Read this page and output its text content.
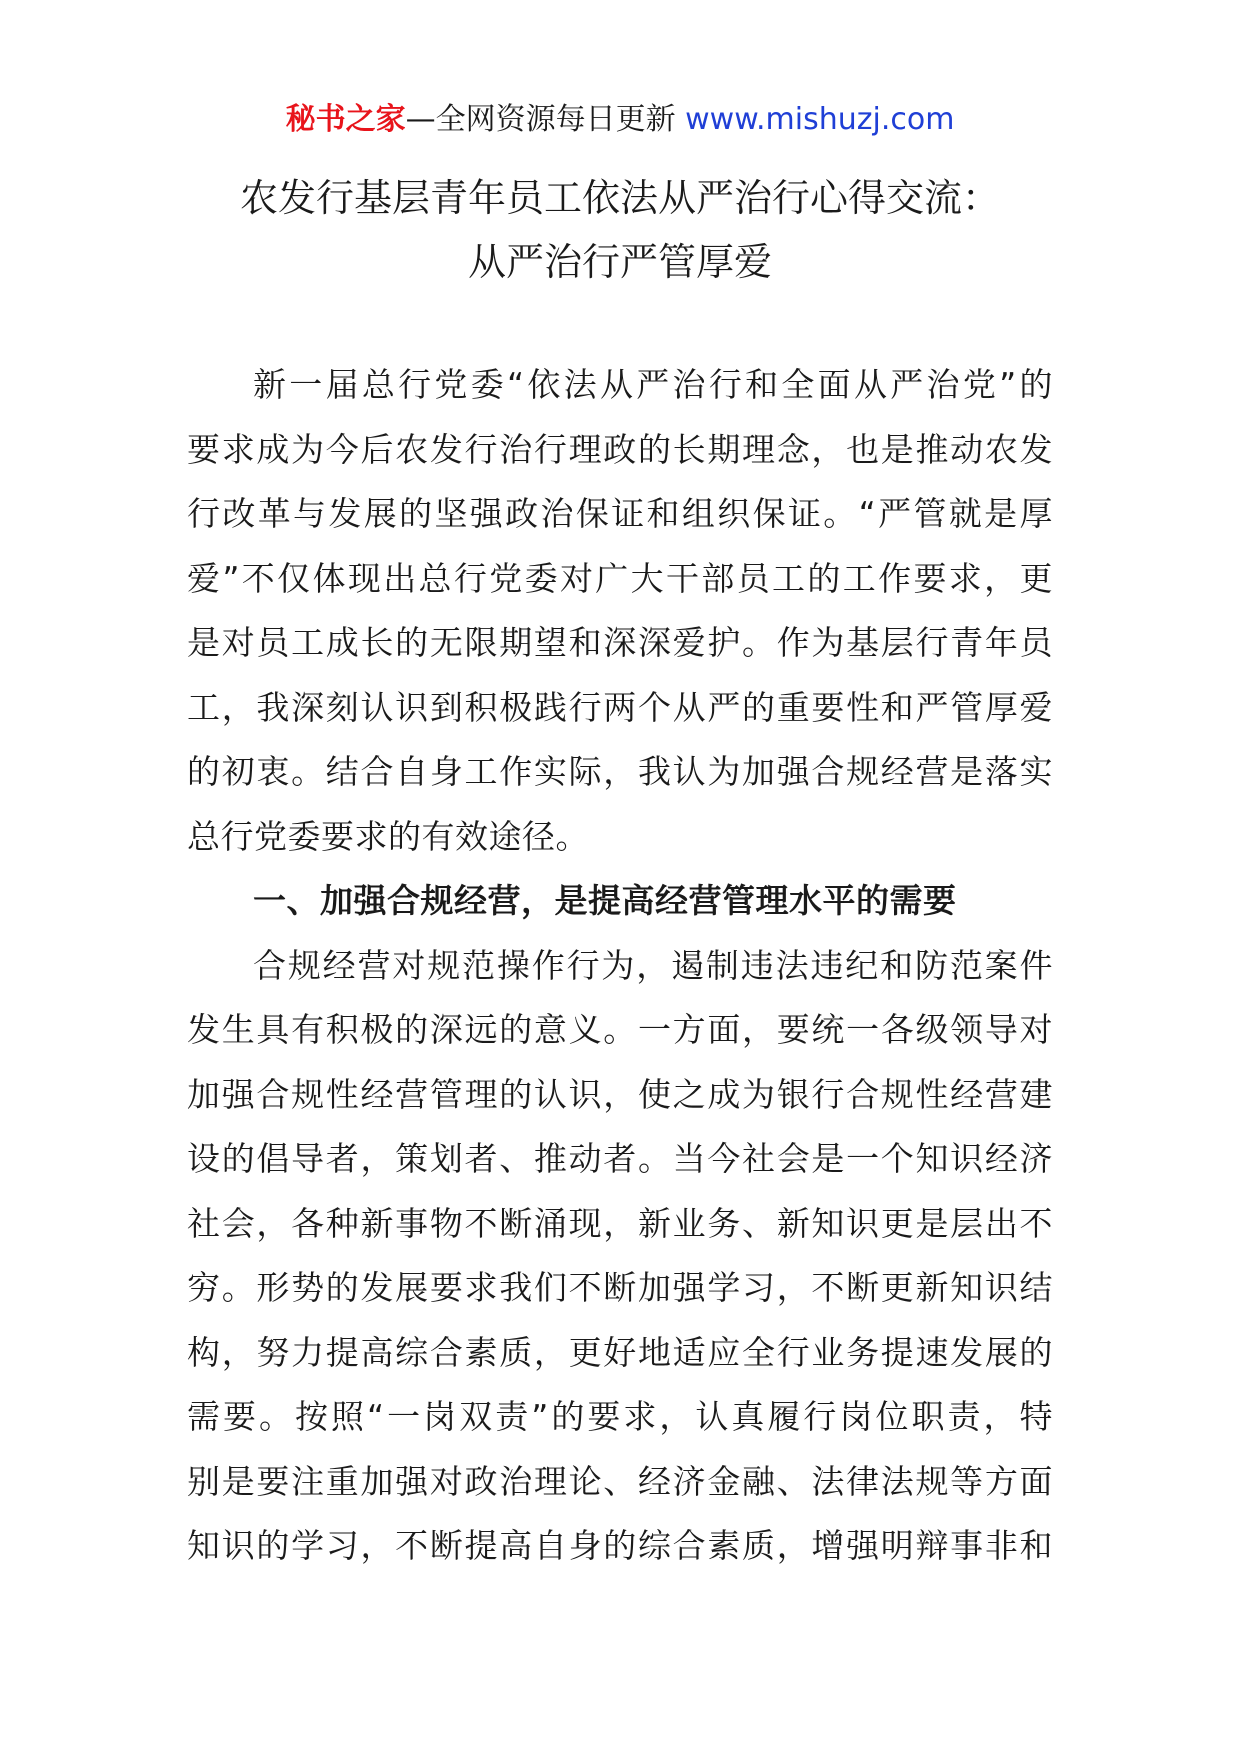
秘书之家—全网资源每日更新 www.mishuzj.com
农发行基层青年员工依法从严治行心得交流：
从严治行严管厚爱
新一届总行党委“依法从严治行和全面从严治党”的
要求成为今后农发行治行理政的长期理念，也是推动农发
行改革与发展的坚强政治保证和组织保证。“严管就是厚
爱”不仅体现出总行党委对广大干部员工的工作要求，更
是对员工成长的无限期望和深深爱护。作为基层行青年员
工，我深刻认识到积极践行两个从严的重要性和严管厚爱
的初衷。结合自身工作实际，我认为加强合规经营是落实
总行党委要求的有效途径。
一、加强合规经营，是提高经营管理水平的需要
合规经营对规范操作行为，遏制违法违纪和防范案件
发生具有积极的深远的意义。一方面，要统一各级领导对
加强合规性经营管理的认识，使之成为银行合规性经营建
设的倡导者，策划者、推动者。当今社会是一个知识经济
社会，各种新事物不断涌现，新业务、新知识更是层出不
穷。形势的发展要求我们不断加强学习，不断更新知识结
构，努力提高综合素质，更好地适应全行业务提速发展的
需要。按照“一岗双责”的要求，认真履行岗位职责，特
别是要注重加强对政治理论、经济金融、法律法规等方面
知识的学习，不断提高自身的综合素质，增强明辩事非和
